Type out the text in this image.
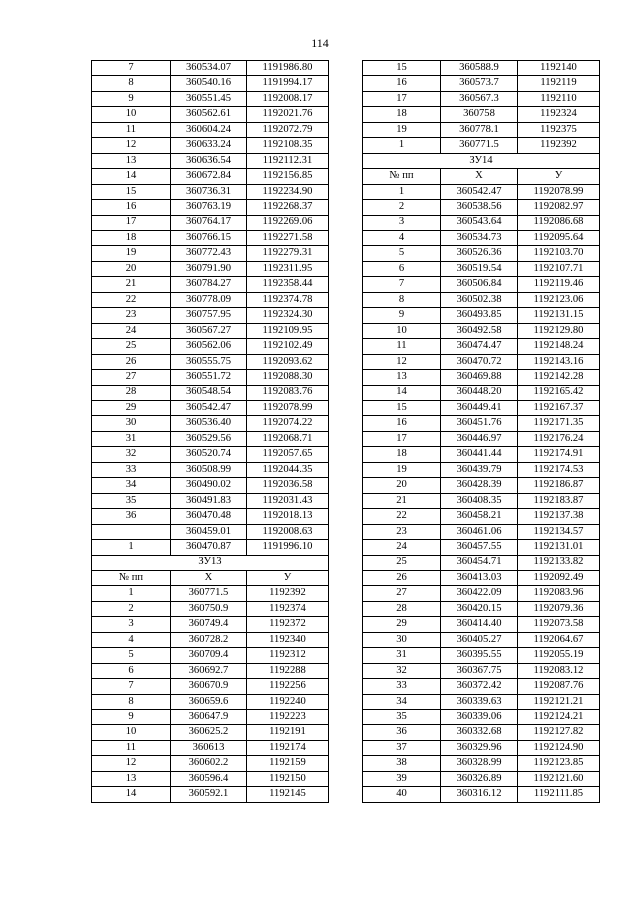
114
7	360534.07	1191986.80
8	360540.16	1191994.17
9	360551.45	1192008.17
10	360562.61	1192021.76
11	360604.24	1192072.79
12	360633.24	1192108.35
13	360636.54	1192112.31
14	360672.84	1192156.85
15	360736.31	1192234.90
16	360763.19	1192268.37
17	360764.17	1192269.06
18	360766.15	1192271.58
19	360772.43	1192279.31
20	360791.90	1192311.95
21	360784.27	1192358.44
22	360778.09	1192374.78
23	360757.95	1192324.30
24	360567.27	1192109.95
25	360562.06	1192102.49
26	360555.75	1192093.62
27	360551.72	1192088.30
28	360548.54	1192083.76
29	360542.47	1192078.99
30	360536.40	1192074.22
31	360529.56	1192068.71
32	360520.74	1192057.65
33	360508.99	1192044.35
34	360490.02	1192036.58
35	360491.83	1192031.43
36	360470.48	1192018.13
	360459.01	1192008.63
1	360470.87	1191996.10
ЗУ13		
№ пп	X	У
1	360771.5	1192392
2	360750.9	1192374
3	360749.4	1192372
4	360728.2	1192340
5	360709.4	1192312
6	360692.7	1192288
7	360670.9	1192256
8	360659.6	1192240
9	360647.9	1192223
10	360625.2	1192191
11	360613	1192174
12	360602.2	1192159
13	360596.4	1192150
14	360592.1	1192145
15	360588.9	1192140
16	360573.7	1192119
17	360567.3	1192110
18	360758	1192324
19	360778.1	1192375
1	360771.5	1192392
ЗУ14		
№ пп	X	У
1	360542.47	1192078.99
2	360538.56	1192082.97
3	360543.64	1192086.68
4	360534.73	1192095.64
5	360526.36	1192103.70
6	360519.54	1192107.71
7	360506.84	1192119.46
8	360502.38	1192123.06
9	360493.85	1192131.15
10	360492.58	1192129.80
11	360474.47	1192148.24
12	360470.72	1192143.16
13	360469.88	1192142.28
14	360448.20	1192165.42
15	360449.41	1192167.37
16	360451.76	1192171.35
17	360446.97	1192176.24
18	360441.44	1192174.91
19	360439.79	1192174.53
20	360428.39	1192186.87
21	360408.35	1192183.87
22	360458.21	1192137.38
23	360461.06	1192134.57
24	360457.55	1192131.01
25	360454.71	1192133.82
26	360413.03	1192092.49
27	360422.09	1192083.96
28	360420.15	1192079.36
29	360414.40	1192073.58
30	360405.27	1192064.67
31	360395.55	1192055.19
32	360367.75	1192083.12
33	360372.42	1192087.76
34	360339.63	1192121.21
35	360339.06	1192124.21
36	360332.68	1192127.82
37	360329.96	1192124.90
38	360328.99	1192123.85
39	360326.89	1192121.60
40	360316.12	1192111.85
